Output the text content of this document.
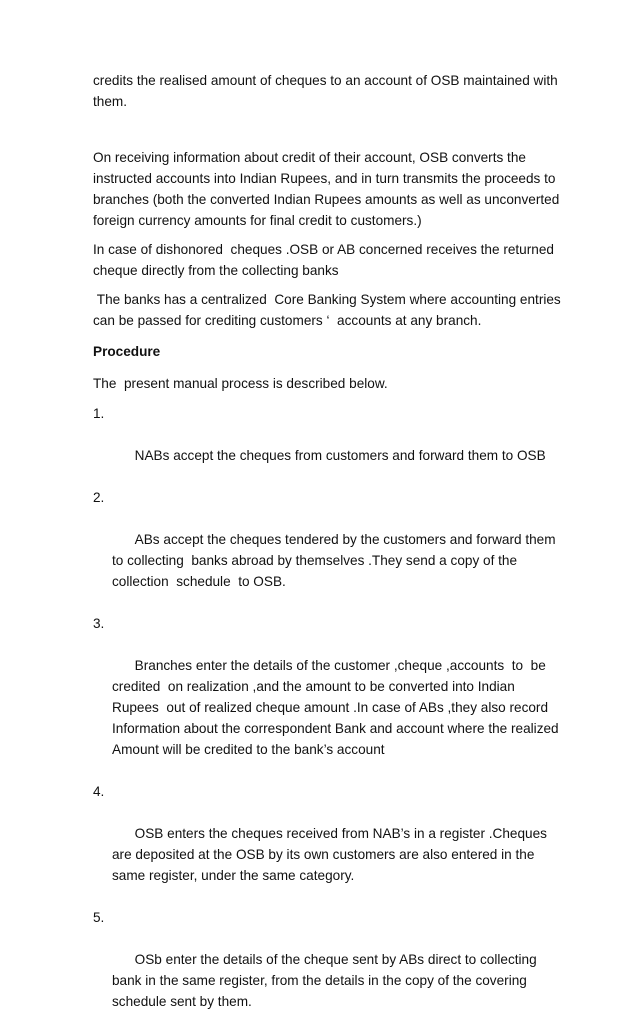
credits the realised amount of cheques to an account of OSB maintained with them.

On receiving information about credit of their account, OSB converts the instructed accounts into Indian Rupees, and in turn transmits the proceeds to branches (both the converted Indian Rupees amounts as well as unconverted foreign currency amounts for final credit to customers.)

In case of dishonored  cheques .OSB or AB concerned receives the returned cheque directly from the collecting banks

The banks has a centralized  Core Banking System where accounting entries can be passed for crediting customers ‘  accounts at any branch.

Procedure

The  present manual process is described below.

1.

NABs accept the cheques from customers and forward them to OSB

2.

ABs accept the cheques tendered by the customers and forward them to collecting  banks abroad by themselves .They send a copy of the collection  schedule  to OSB.

3.

Branches enter the details of the customer ,cheque ,accounts  to  be credited  on realization ,and the amount to be converted into Indian Rupees  out of realized cheque amount .In case of ABs ,they also record Information about the correspondent Bank and account where the realized Amount will be credited to the bank’s account

4.

OSB enters the cheques received from NAB’s in a register .Cheques are deposited at the OSB by its own customers are also entered in the same register, under the same category.

5.

OSb enter the details of the cheque sent by ABs direct to collecting bank in the same register, from the details in the copy of the covering schedule sent by them.
